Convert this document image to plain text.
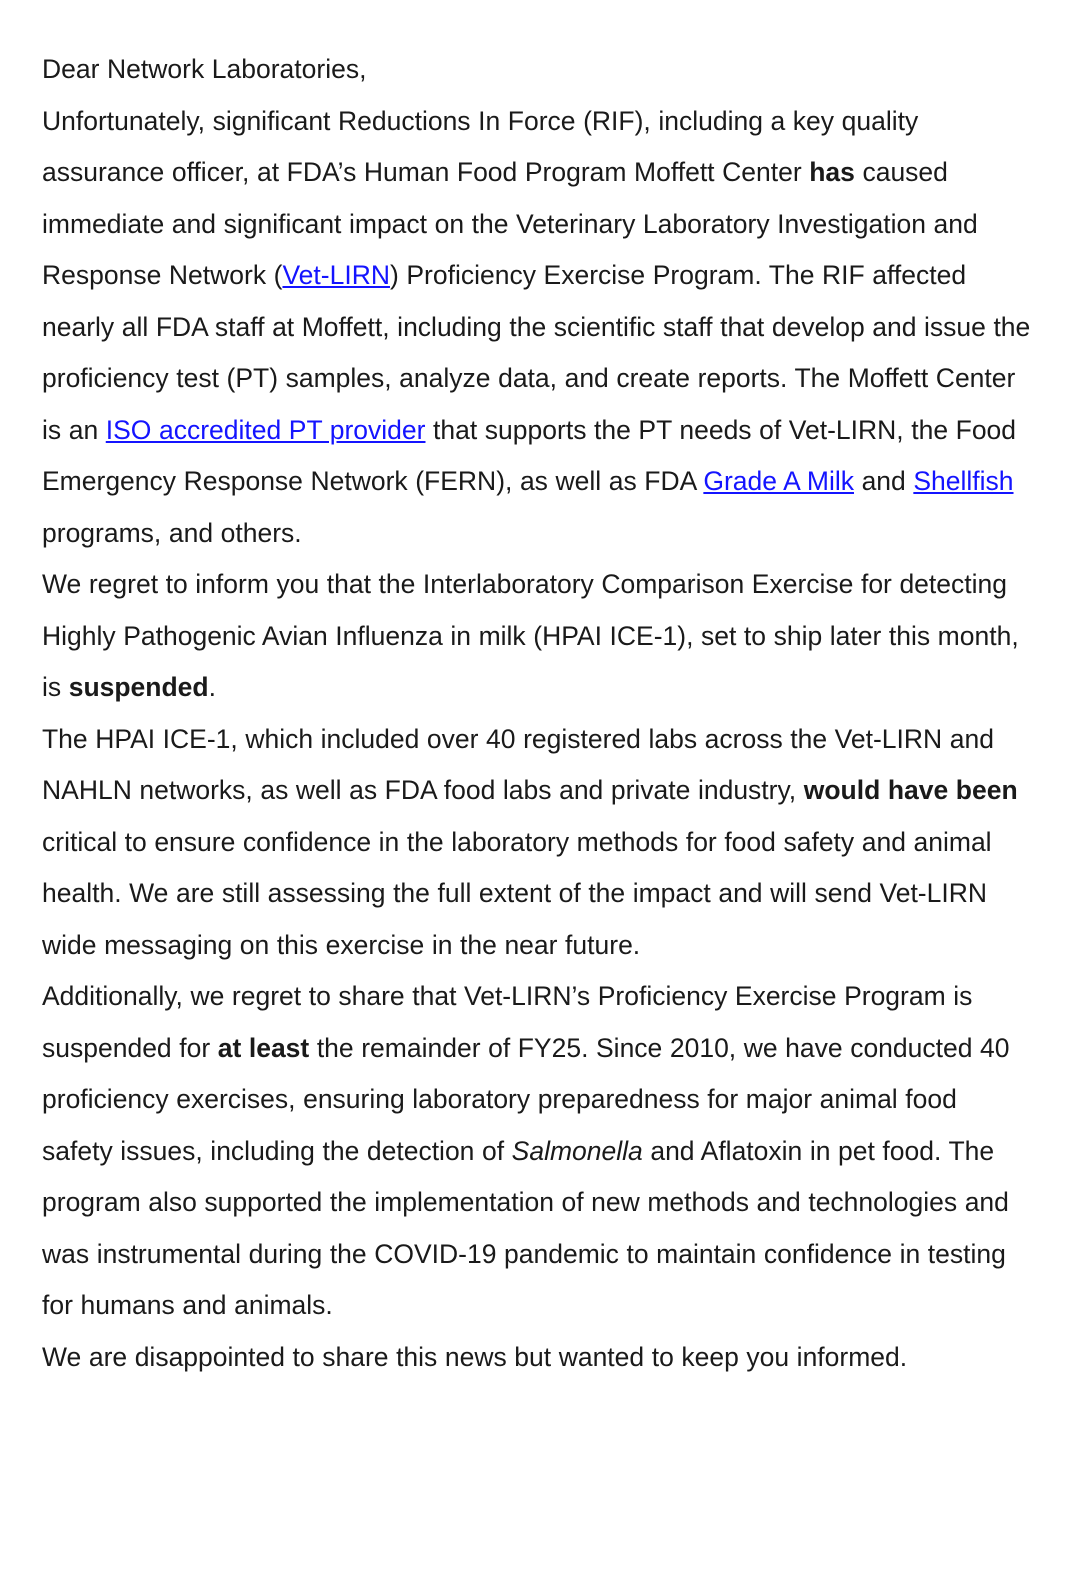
Dear Network Laboratories,
Unfortunately, significant Reductions In Force (RIF), including a key quality assurance officer, at FDA’s Human Food Program Moffett Center has caused immediate and significant impact on the Veterinary Laboratory Investigation and Response Network (Vet-LIRN) Proficiency Exercise Program. The RIF affected nearly all FDA staff at Moffett, including the scientific staff that develop and issue the proficiency test (PT) samples, analyze data, and create reports. The Moffett Center is an ISO accredited PT provider that supports the PT needs of Vet-LIRN, the Food Emergency Response Network (FERN), as well as FDA Grade A Milk and Shellfish programs, and others.
We regret to inform you that the Interlaboratory Comparison Exercise for detecting Highly Pathogenic Avian Influenza in milk (HPAI ICE-1), set to ship later this month, is suspended.
The HPAI ICE-1, which included over 40 registered labs across the Vet-LIRN and NAHLN networks, as well as FDA food labs and private industry, would have been critical to ensure confidence in the laboratory methods for food safety and animal health. We are still assessing the full extent of the impact and will send Vet-LIRN wide messaging on this exercise in the near future.
Additionally, we regret to share that Vet-LIRN’s Proficiency Exercise Program is suspended for at least the remainder of FY25. Since 2010, we have conducted 40 proficiency exercises, ensuring laboratory preparedness for major animal food safety issues, including the detection of Salmonella and Aflatoxin in pet food. The program also supported the implementation of new methods and technologies and was instrumental during the COVID-19 pandemic to maintain confidence in testing for humans and animals.
We are disappointed to share this news but wanted to keep you informed.
